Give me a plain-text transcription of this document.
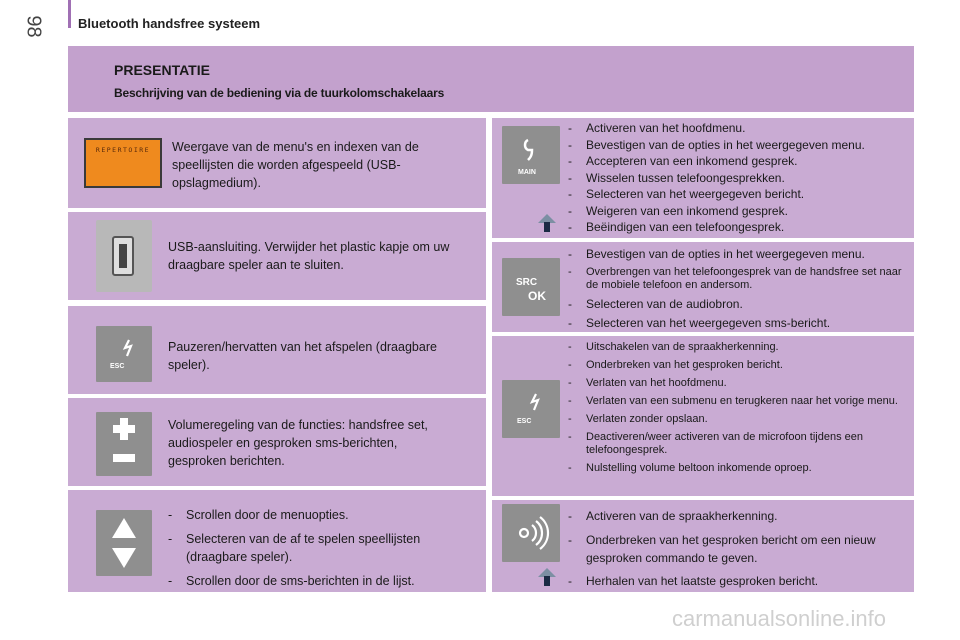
98	Bluetooth handsfree systeem
PRESENTATIE
Beschrijving van de bediening via de tuurkolomschakelaars
REPERTOIRE Weergave van de menu's en indexen van de speellijsten die worden afgespeeld (USB-opslagmedium).
USB-aansluiting. Verwijder het plastic kapje om uw draagbare speler aan te sluiten.
ESC
Pauzeren/hervatten van het afspelen (draagbare speler).
Volumeregeling van de functies: handsfree set, audiospeler en gesproken sms-berichten, gesproken berichten.
- Scrollen door de menuopties.
- Selecteren van de af te spelen speellijsten (draagbare speler).
- Scrollen door de sms-berichten in de lijst.
MAIN
- Activeren van het hoofdmenu.
- Bevestigen van de opties in het weergegeven menu.
- Accepteren van een inkomend gesprek.
- Wisselen tussen telefoongesprekken.
- Selecteren van het weergegeven bericht.
- Weigeren van een inkomend gesprek.
- Beëindigen van een telefoongesprek.
SRC
OK
- Bevestigen van de opties in het weergegeven menu.
- Overbrengen van het telefoongesprek van de handsfree set naar de mobiele telefoon en andersom.
- Selecteren van de audiobron.
- Selecteren van het weergegeven sms-bericht.
ESC
- Uitschakelen van de spraakherkenning.
- Onderbreken van het gesproken bericht.
- Verlaten van het hoofdmenu.
- Verlaten van een submenu en terugkeren naar het vorige menu.
- Verlaten zonder opslaan.
- Deactiveren/weer activeren van de microfoon tijdens een telefoongesprek.
- Nulstelling volume beltoon inkomende oproep.
- Activeren van de spraakherkenning.
- Onderbreken van het gesproken bericht om een nieuw gesproken commando te geven.
- Herhalen van het laatste gesproken bericht.
carmanualsonline.info
